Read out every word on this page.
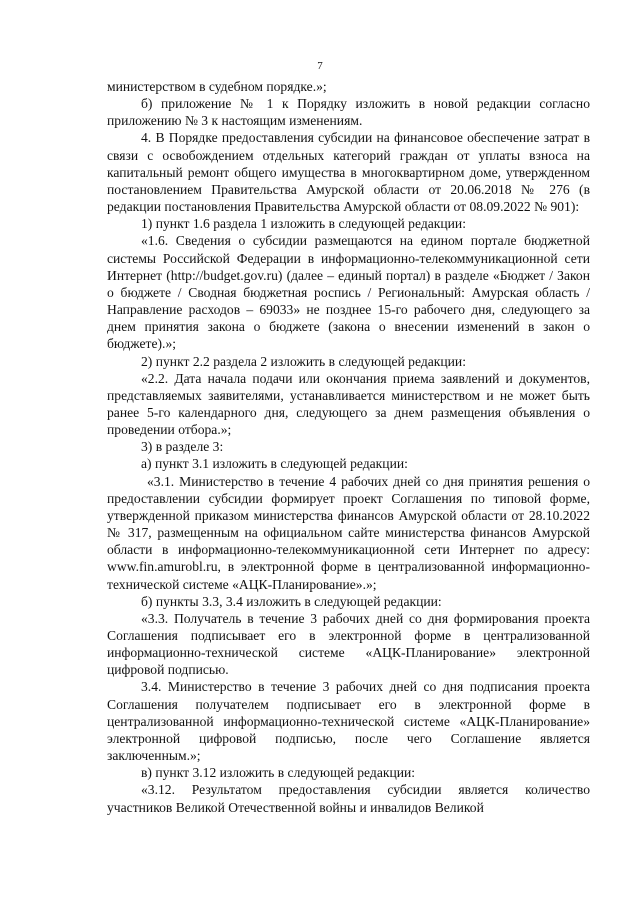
7

министерством в судебном порядке.»;

б) приложение № 1 к Порядку изложить в новой редакции согласно приложению № 3 к настоящим изменениям.

4. В Порядке предоставления субсидии на финансовое обеспечение затрат в связи с освобождением отдельных категорий граждан от уплаты взноса на капитальный ремонт общего имущества в многоквартирном доме, утвержденном постановлением Правительства Амурской области от 20.06.2018 № 276 (в редакции постановления Правительства Амурской области от 08.09.2022 № 901):

1) пункт 1.6 раздела 1 изложить в следующей редакции:

«1.6. Сведения о субсидии размещаются на едином портале бюджетной системы Российской Федерации в информационно-телекоммуникационной сети Интернет (http://budget.gov.ru) (далее – единый портал) в разделе «Бюджет / Закон о бюджете / Сводная бюджетная роспись / Региональный: Амурская область / Направление расходов – 69033» не позднее 15-го рабочего дня, следующего за днем принятия закона о бюджете (закона о внесении изменений в закон о бюджете).»;

2) пункт 2.2 раздела 2 изложить в следующей редакции:

«2.2. Дата начала подачи или окончания приема заявлений и документов, представляемых заявителями, устанавливается министерством и не может быть ранее 5-го календарного дня, следующего за днем размещения объявления о проведении отбора.»;

3) в разделе 3:

а) пункт 3.1 изложить в следующей редакции:

«3.1. Министерство в течение 4 рабочих дней со дня принятия решения о предоставлении субсидии формирует проект Соглашения по типовой форме, утвержденной приказом министерства финансов Амурской области от 28.10.2022 № 317, размещенным на официальном сайте министерства финансов Амурской области в информационно-телекоммуникационной сети Интернет по адресу: www.fin.amurobl.ru, в электронной форме в централизованной информационно-технической системе «АЦК-Планирование».»;

б) пункты 3.3, 3.4 изложить в следующей редакции:

«3.3. Получатель в течение 3 рабочих дней со дня формирования проекта Соглашения подписывает его в электронной форме в централизованной информационно-технической системе «АЦК-Планирование» электронной цифровой подписью.

3.4. Министерство в течение 3 рабочих дней со дня подписания проекта Соглашения получателем подписывает его в электронной форме в централизованной информационно-технической системе «АЦК-Планирование» электронной цифровой подписью, после чего Соглашение является заключенным.»;

в) пункт 3.12 изложить в следующей редакции:

«3.12. Результатом предоставления субсидии является количество участников Великой Отечественной войны и инвалидов Великой
